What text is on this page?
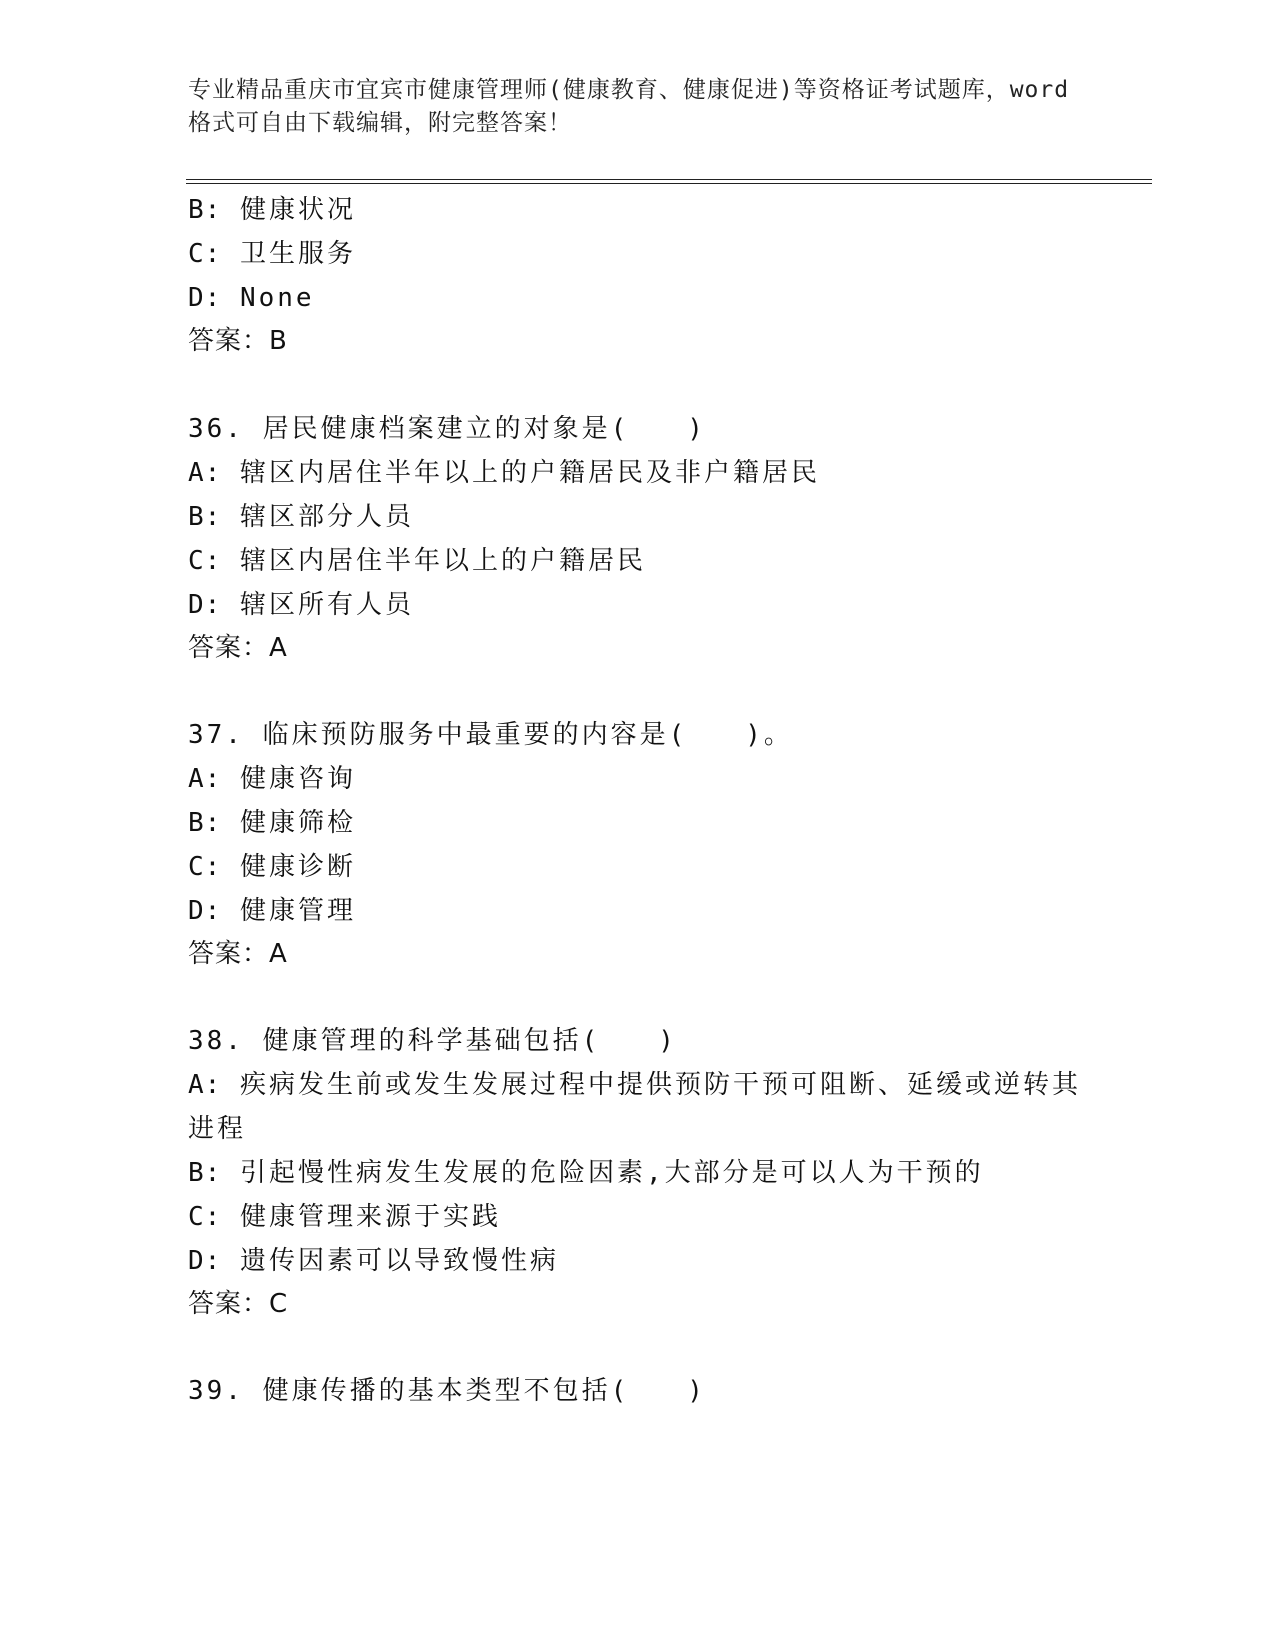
专业精品重庆市宜宾市健康管理师(健康教育、健康促进)等资格证考试题库，word
格式可自由下载编辑，附完整答案！
B: 健康状况
C: 卫生服务
D: None
答案：B
36. 居民健康档案建立的对象是(　　)
A: 辖区内居住半年以上的户籍居民及非户籍居民
B: 辖区部分人员
C: 辖区内居住半年以上的户籍居民
D: 辖区所有人员
答案：A
37. 临床预防服务中最重要的内容是(　　)。
A: 健康咨询
B: 健康筛检
C: 健康诊断
D: 健康管理
答案：A
38. 健康管理的科学基础包括(　　)
A: 疾病发生前或发生发展过程中提供预防干预可阻断、延缓或逆转其
进程
B: 引起慢性病发生发展的危险因素,大部分是可以人为干预的
C: 健康管理来源于实践
D: 遗传因素可以导致慢性病
答案：C
39. 健康传播的基本类型不包括(　　)
